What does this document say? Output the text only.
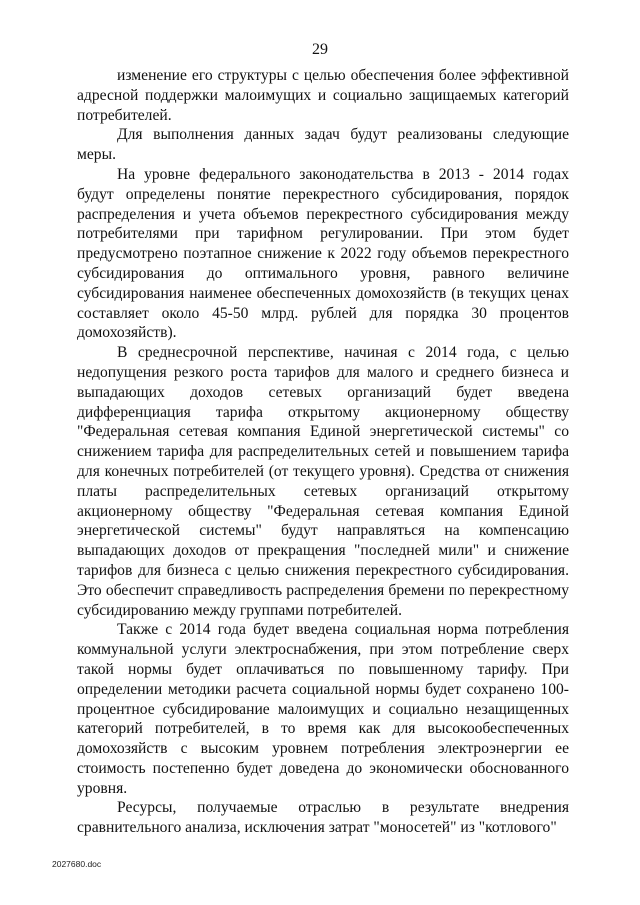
29

изменение его структуры с целью обеспечения более эффективной адресной поддержки малоимущих и социально защищаемых категорий потребителей.

Для выполнения данных задач будут реализованы следующие меры.

На уровне федерального законодательства в 2013 - 2014 годах будут определены понятие перекрестного субсидирования, порядок распределения и учета объемов перекрестного субсидирования между потребителями при тарифном регулировании. При этом будет предусмотрено поэтапное снижение к 2022 году объемов перекрестного субсидирования до оптимального уровня, равного величине субсидирования наименее обеспеченных домохозяйств (в текущих ценах составляет около 45-50 млрд. рублей для порядка 30 процентов домохозяйств).

В среднесрочной перспективе, начиная с 2014 года, с целью недопущения резкого роста тарифов для малого и среднего бизнеса и выпадающих доходов сетевых организаций будет введена дифференциация тарифа открытому акционерному обществу "Федеральная сетевая компания Единой энергетической системы" со снижением тарифа для распределительных сетей и повышением тарифа для конечных потребителей (от текущего уровня). Средства от снижения платы распределительных сетевых организаций открытому акционерному обществу "Федеральная сетевая компания Единой энергетической системы" будут направляться на компенсацию выпадающих доходов от прекращения "последней мили" и снижение тарифов для бизнеса с целью снижения перекрестного субсидирования. Это обеспечит справедливость распределения бремени по перекрестному субсидированию между группами потребителей.

Также с 2014 года будет введена социальная норма потребления коммунальной услуги электроснабжения, при этом потребление сверх такой нормы будет оплачиваться по повышенному тарифу. При определении методики расчета социальной нормы будет сохранено 100-процентное субсидирование малоимущих и социально незащищенных категорий потребителей, в то время как для высокообеспеченных домохозяйств с высоким уровнем потребления электроэнергии ее стоимость постепенно будет доведена до экономически обоснованного уровня.

Ресурсы, получаемые отраслью в результате внедрения сравнительного анализа, исключения затрат "моносетей" из "котлового"

2027680.doc
